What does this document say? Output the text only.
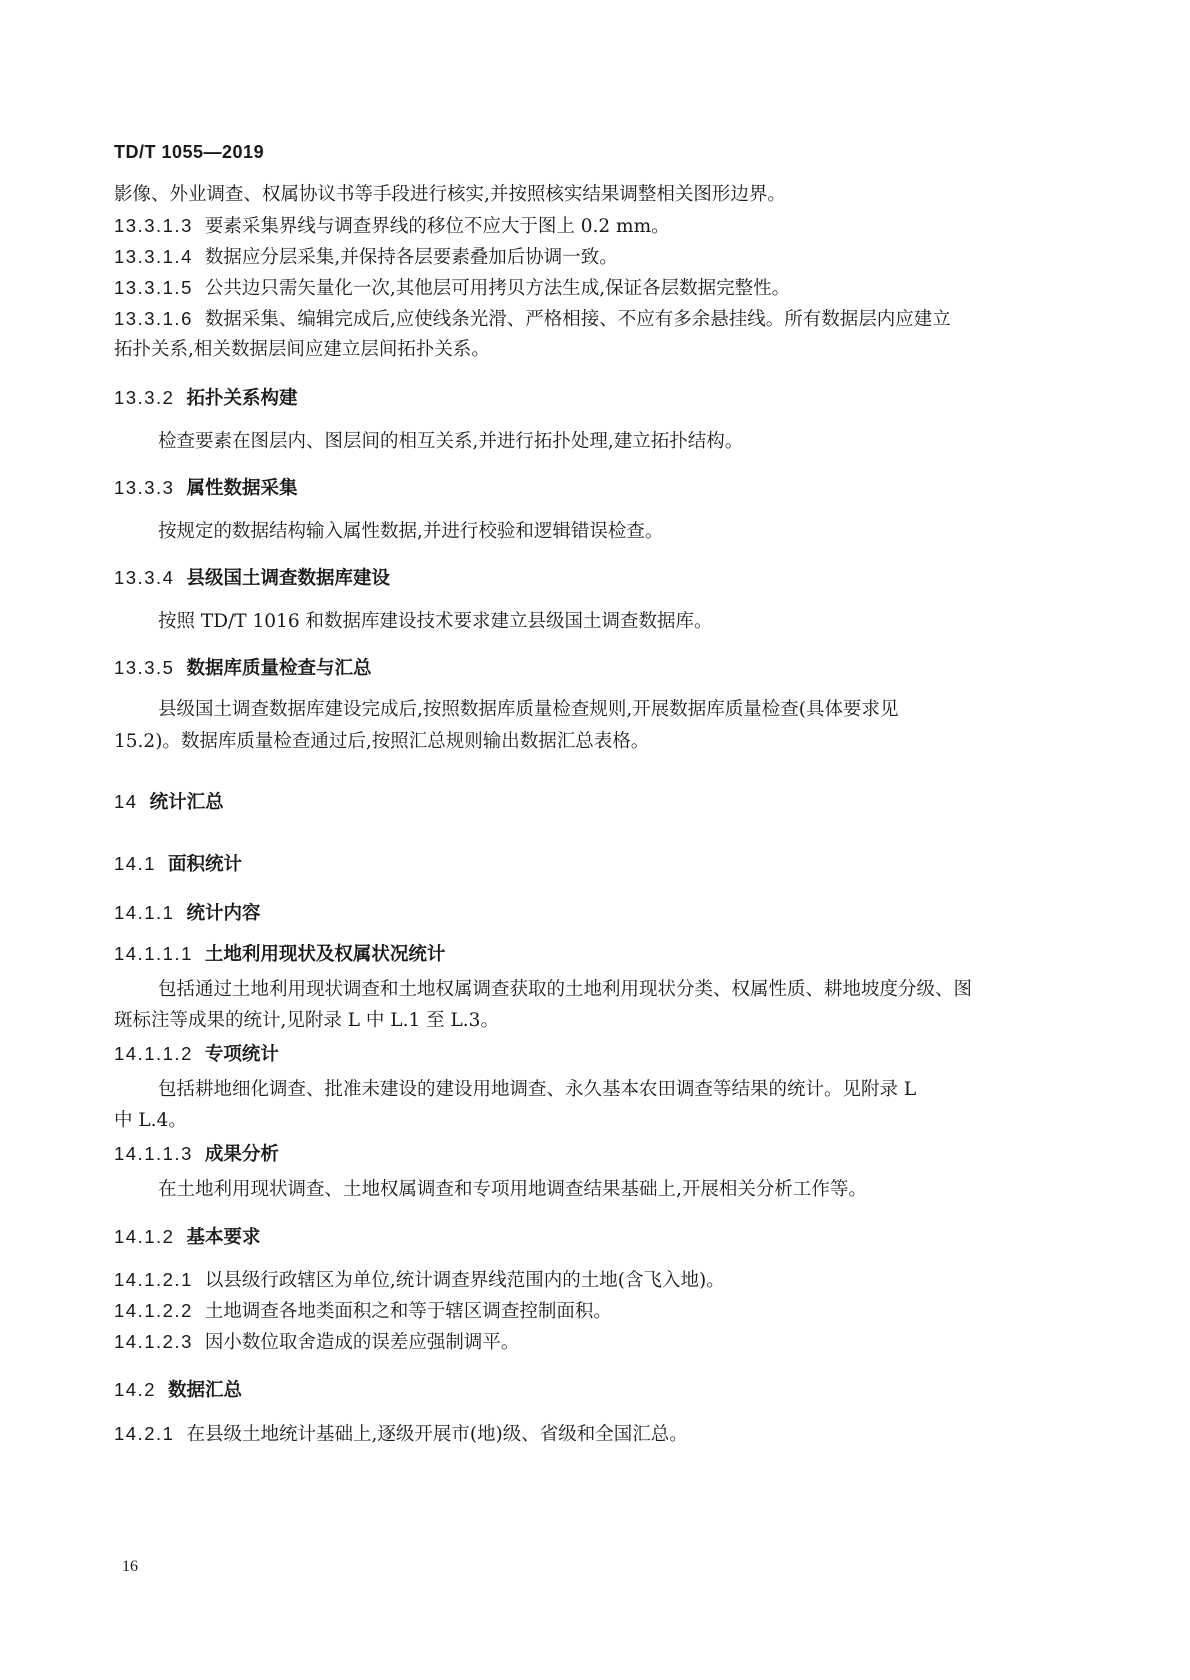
TD/T 1055—2019
影像、外业调查、权属协议书等手段进行核实,并按照核实结果调整相关图形边界。
13.3.1.3 要素采集界线与调查界线的移位不应大于图上 0.2 mm。
13.3.1.4 数据应分层采集,并保持各层要素叠加后协调一致。
13.3.1.5 公共边只需矢量化一次,其他层可用拷贝方法生成,保证各层数据完整性。
13.3.1.6 数据采集、编辑完成后,应使线条光滑、严格相接、不应有多余悬挂线。所有数据层内应建立
拓扑关系,相关数据层间应建立层间拓扑关系。
13.3.2 拓扑关系构建
检查要素在图层内、图层间的相互关系,并进行拓扑处理,建立拓扑结构。
13.3.3 属性数据采集
按规定的数据结构输入属性数据,并进行校验和逻辑错误检查。
13.3.4 县级国土调查数据库建设
按照 TD/T 1016 和数据库建设技术要求建立县级国土调查数据库。
13.3.5 数据库质量检查与汇总
县级国土调查数据库建设完成后,按照数据库质量检查规则,开展数据库质量检查(具体要求见
15.2)。数据库质量检查通过后,按照汇总规则输出数据汇总表格。
14 统计汇总
14.1 面积统计
14.1.1 统计内容
14.1.1.1 土地利用现状及权属状况统计
包括通过土地利用现状调查和土地权属调查获取的土地利用现状分类、权属性质、耕地坡度分级、图
斑标注等成果的统计,见附录 L 中 L.1 至 L.3。
14.1.1.2 专项统计
包括耕地细化调查、批准未建设的建设用地调查、永久基本农田调查等结果的统计。见附录 L
中 L.4。
14.1.1.3 成果分析
在土地利用现状调查、土地权属调查和专项用地调查结果基础上,开展相关分析工作等。
14.1.2 基本要求
14.1.2.1 以县级行政辖区为单位,统计调查界线范围内的土地(含飞入地)。
14.1.2.2 土地调查各地类面积之和等于辖区调查控制面积。
14.1.2.3 因小数位取舍造成的误差应强制调平。
14.2 数据汇总
14.2.1 在县级土地统计基础上,逐级开展市(地)级、省级和全国汇总。
16
